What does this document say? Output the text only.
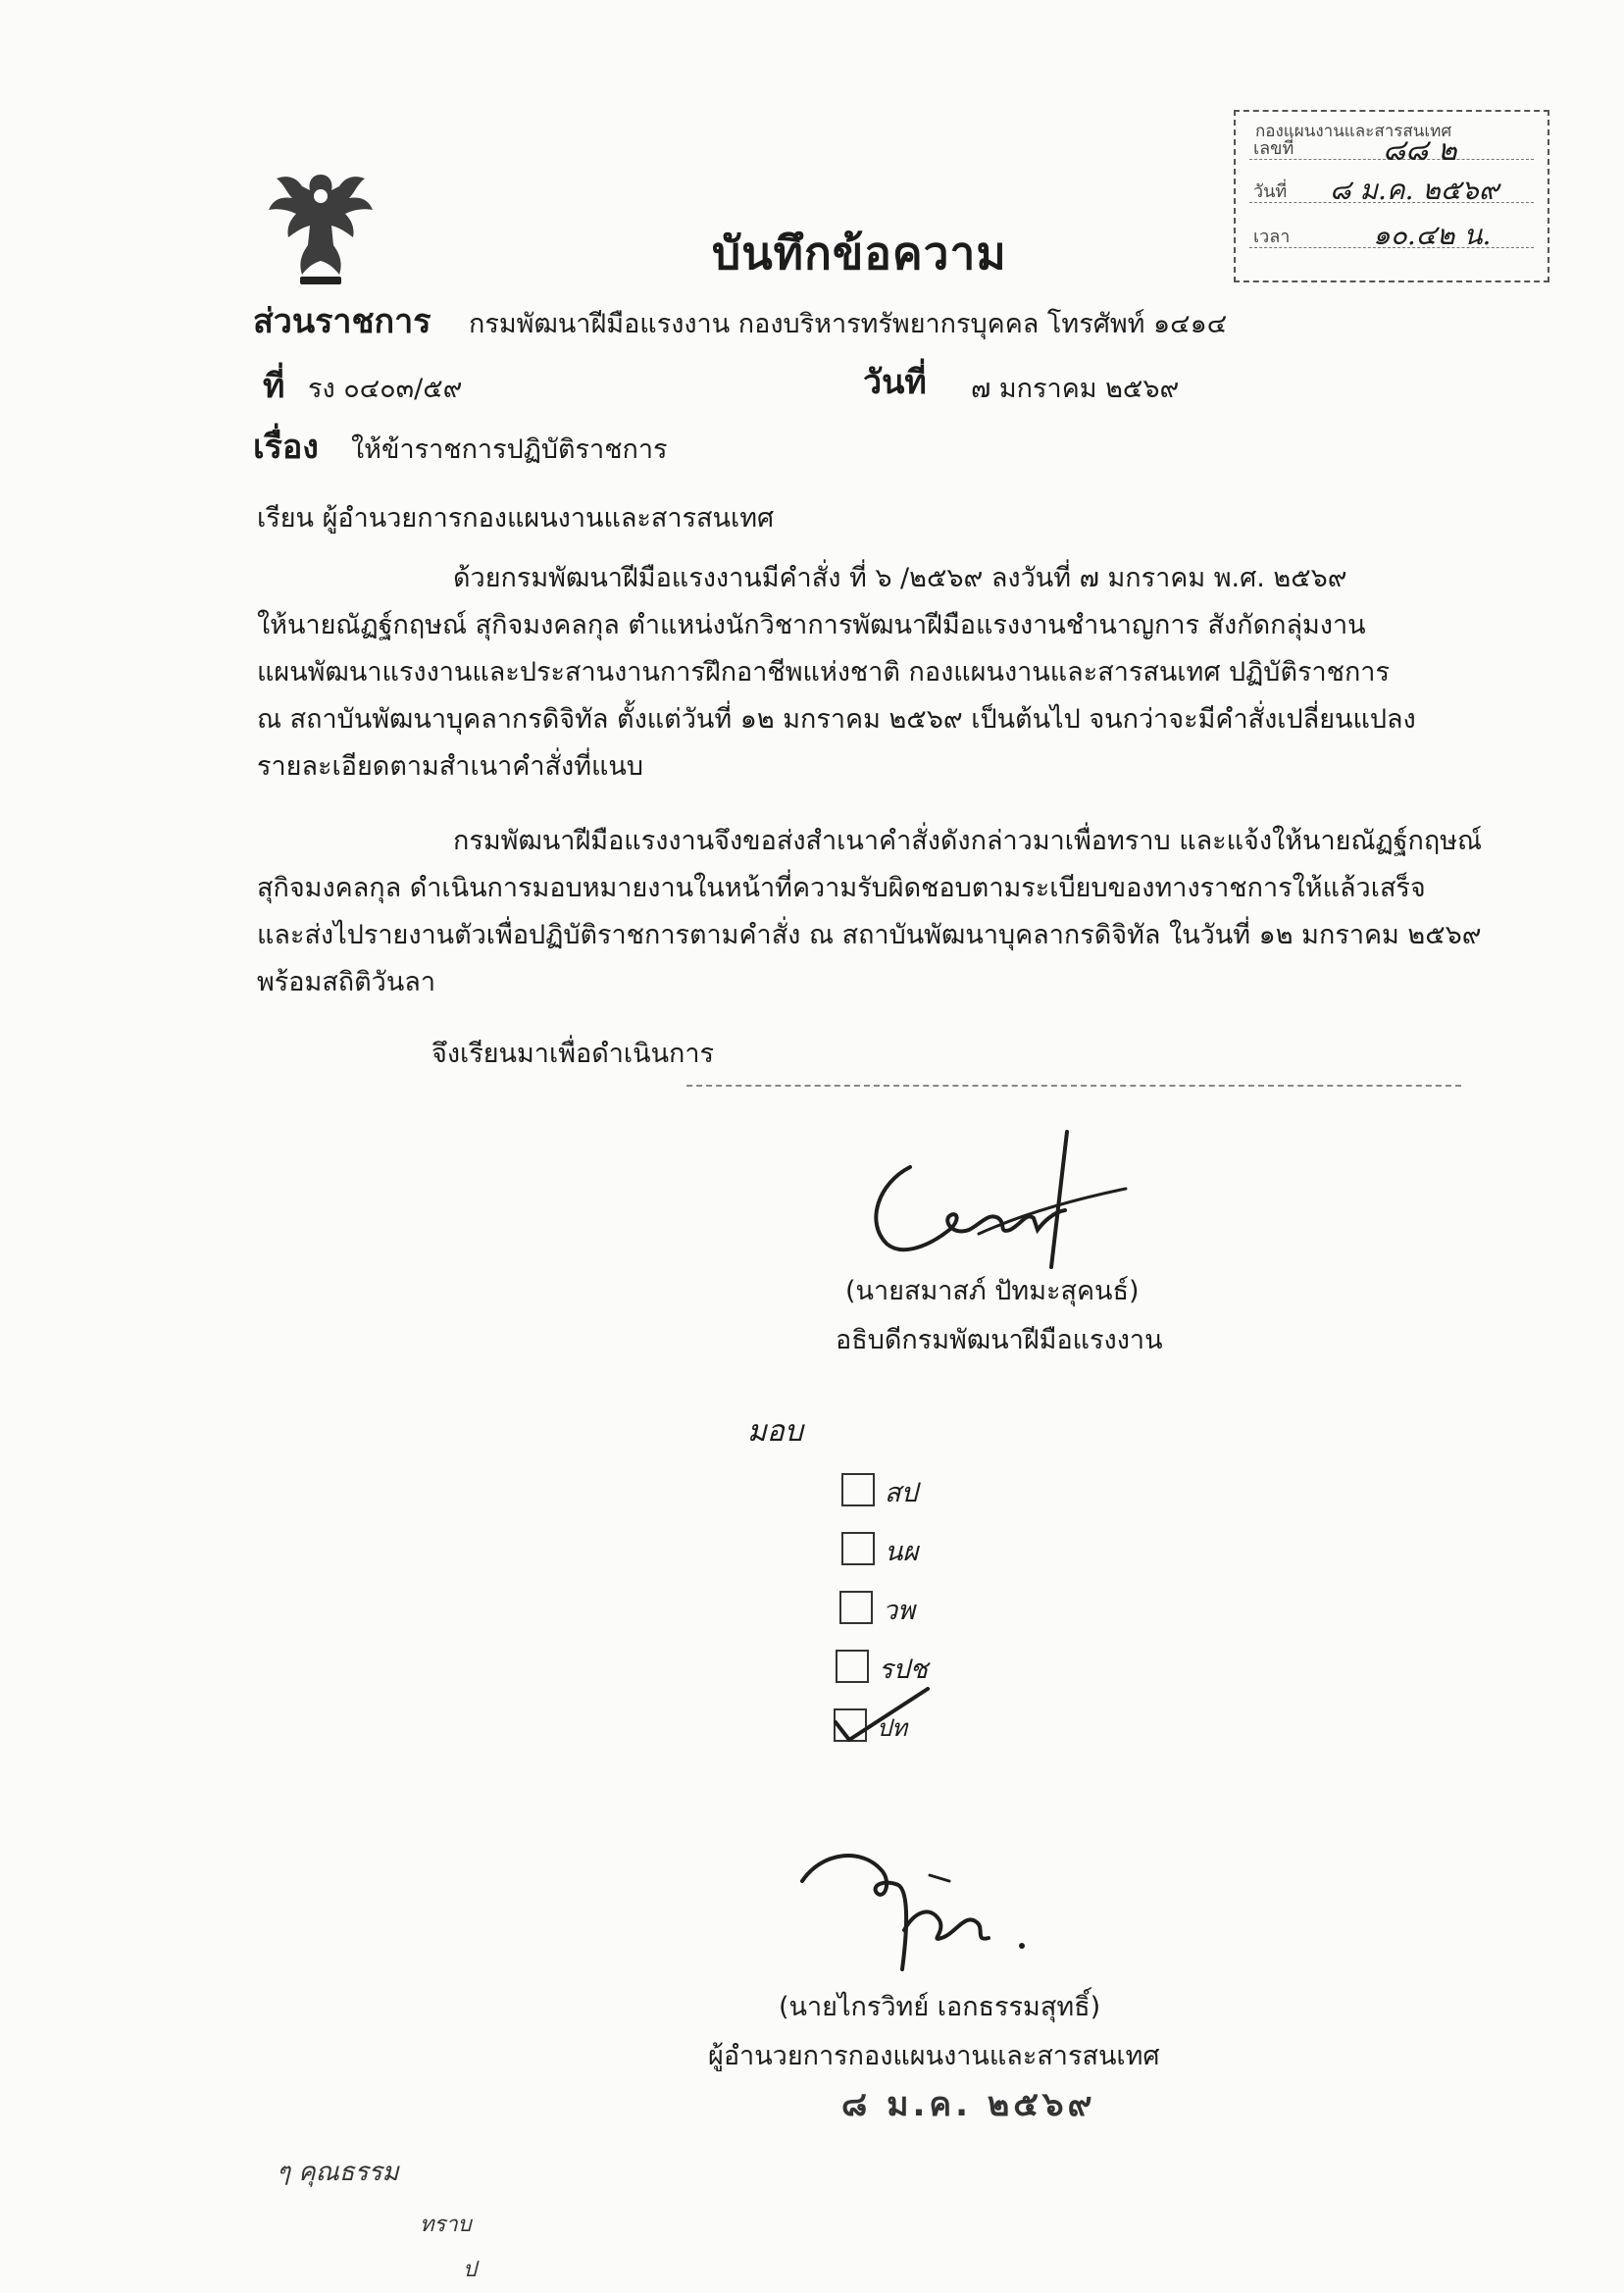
กองแผนงานและสารสนเทศ
เลขที่	๘๘ ๒
วันที่ ๘ ม.ค. ๒๕๖๙
เวลา	๑๐.๔๒ น.
บันทึกข้อความ
ส่วนราชการ กรมพัฒนาฝีมือแรงงาน กองบริหารทรัพยากรบุคคล โทรศัพท์ ๑๔๑๔
ที่ รง ๐๔๐๓/๕๙	วันที่ ๗ มกราคม ๒๕๖๙
เรื่อง ให้ข้าราชการปฏิบัติราชการ
เรียน ผู้อำนวยการกองแผนงานและสารสนเทศ
ด้วยกรมพัฒนาฝีมือแรงงานมีคำสั่ง ที่ ๖ /๒๕๖๙ ลงวันที่ ๗ มกราคม พ.ศ. ๒๕๖๙
ให้นายณัฏฐ์กฤษณ์ สุกิจมงคลกุล ตำแหน่งนักวิชาการพัฒนาฝีมือแรงงานชำนาญการ สังกัดกลุ่มงาน
แผนพัฒนาแรงงานและประสานงานการฝึกอาชีพแห่งชาติ กองแผนงานและสารสนเทศ ปฏิบัติราชการ
ณ สถาบันพัฒนาบุคลากรดิจิทัล ตั้งแต่วันที่ ๑๒ มกราคม ๒๕๖๙ เป็นต้นไป จนกว่าจะมีคำสั่งเปลี่ยนแปลง
รายละเอียดตามสำเนาคำสั่งที่แนบ
กรมพัฒนาฝีมือแรงงานจึงขอส่งสำเนาคำสั่งดังกล่าวมาเพื่อทราบ และแจ้งให้นายณัฏฐ์กฤษณ์
สุกิจมงคลกุล ดำเนินการมอบหมายงานในหน้าที่ความรับผิดชอบตามระเบียบของทางราชการให้แล้วเสร็จ
และส่งไปรายงานตัวเพื่อปฏิบัติราชการตามคำสั่ง ณ สถาบันพัฒนาบุคลากรดิจิทัล ในวันที่ ๑๒ มกราคม ๒๕๖๙
พร้อมสถิติวันลา
จึงเรียนมาเพื่อดำเนินการ
(นายสมาสภ์ ปัทมะสุคนธ์)
อธิบดีกรมพัฒนาฝีมือแรงงาน
มอบ
สป
นผ
วพ
รปช
ปท
(นายไกรวิทย์ เอกธรรมสุทธิ์)
ผู้อำนวยการกองแผนงานและสารสนเทศ
๘ ม.ค. ๒๕๖๙
ๆ คุณธรรม
ทราบ
ป
